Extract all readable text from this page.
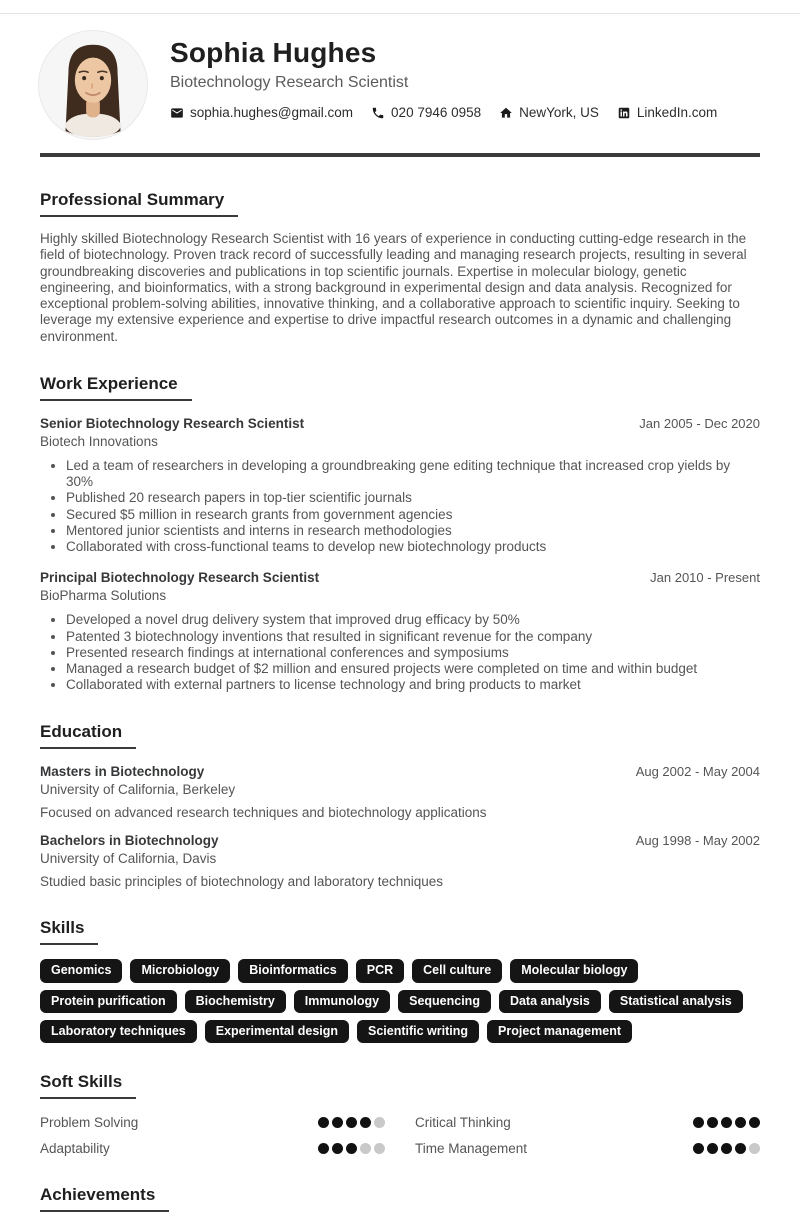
Sophia Hughes
Biotechnology Research Scientist
sophia.hughes@gmail.com	020 7946 0958	NewYork, US	LinkedIn.com
Professional Summary

Highly skilled Biotechnology Research Scientist with 16 years of experience in conducting cutting-edge research in the field of biotechnology. Proven track record of successfully leading and managing research projects, resulting in several groundbreaking discoveries and publications in top scientific journals. Expertise in molecular biology, genetic engineering, and bioinformatics, with a strong background in experimental design and data analysis. Recognized for exceptional problem-solving abilities, innovative thinking, and a collaborative approach to scientific inquiry. Seeking to leverage my extensive experience and expertise to drive impactful research outcomes in a dynamic and challenging environment.

Work Experience
Senior Biotechnology Research Scientist	Jan 2005 - Dec 2020
Biotech Innovations
• Led a team of researchers in developing a groundbreaking gene editing technique that increased crop yields by 30%
• Published 20 research papers in top-tier scientific journals
• Secured $5 million in research grants from government agencies
• Mentored junior scientists and interns in research methodologies
• Collaborated with cross-functional teams to develop new biotechnology products
Principal Biotechnology Research Scientist	Jan 2010 - Present
BioPharma Solutions
• Developed a novel drug delivery system that improved drug efficacy by 50%
• Patented 3 biotechnology inventions that resulted in significant revenue for the company
• Presented research findings at international conferences and symposiums
• Managed a research budget of $2 million and ensured projects were completed on time and within budget
• Collaborated with external partners to license technology and bring products to market
Education
Masters in Biotechnology	Aug 2002 - May 2004
University of California, Berkeley
Focused on advanced research techniques and biotechnology applications
Bachelors in Biotechnology	Aug 1998 - May 2002
University of California, Davis
Studied basic principles of biotechnology and laboratory techniques
Skills
Genomics	Microbiology	Bioinformatics	PCR	Cell culture	Molecular biology
Protein purification	Biochemistry	Immunology	Sequencing	Data analysis	Statistical analysis
Laboratory techniques	Experimental design	Scientific writing	Project management
Soft Skills
Problem Solving	Critical Thinking
Adaptability	Time Management
Achievements
